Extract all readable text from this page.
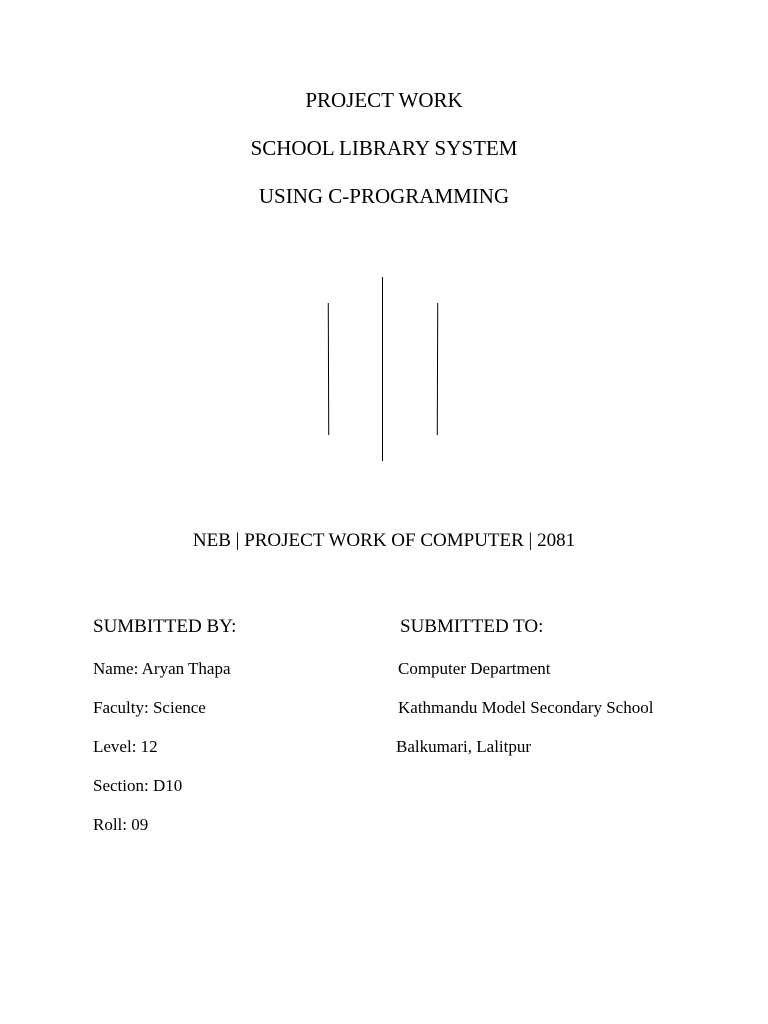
PROJECT WORK
SCHOOL LIBRARY SYSTEM
USING C-PROGRAMMING
NEB | PROJECT WORK OF COMPUTER | 2081
SUMBITTED BY:
Name: Aryan Thapa
Faculty: Science
Level: 12
Section: D10
Roll: 09
SUBMITTED TO:
Computer Department
Kathmandu Model Secondary School
Balkumari, Lalitpur
